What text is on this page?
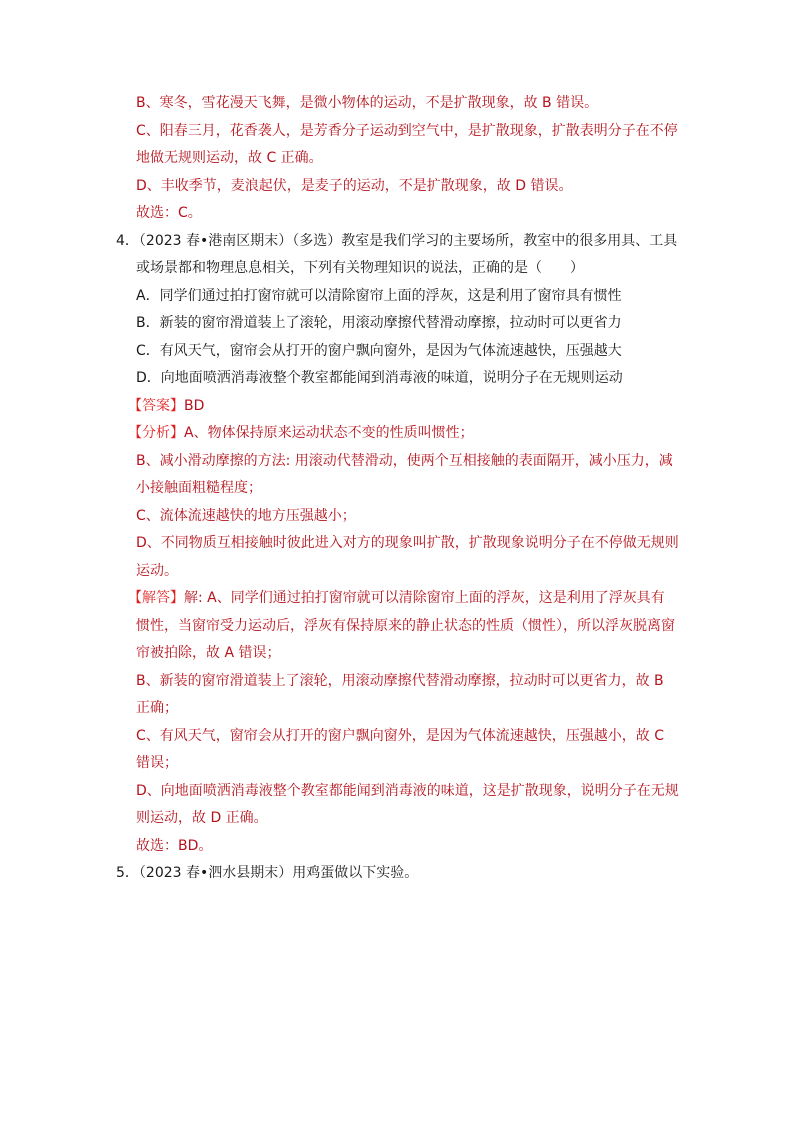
B、寒冬，雪花漫天飞舞，是微小物体的运动，不是扩散现象，故 B 错误。
C、阳春三月，花香袭人，是芳香分子运动到空气中，是扩散现象，扩散表明分子在不停
地做无规则运动，故 C 正确。
D、丰收季节，麦浪起伏，是麦子的运动，不是扩散现象，故 D 错误。
故选：C。
4．（2023 春•港南区期末）（多选）教室是我们学习的主要场所，教室中的很多用具、工具
或场景都和物理息息相关，下列有关物理知识的说法，正确的是（　　）
A．同学们通过拍打窗帘就可以清除窗帘上面的浮灰，这是利用了窗帘具有惯性
B．新装的窗帘滑道装上了滚轮，用滚动摩擦代替滑动摩擦，拉动时可以更省力
C．有风天气，窗帘会从打开的窗户飘向窗外，是因为气体流速越快，压强越大
D．向地面喷洒消毒液整个教室都能闻到消毒液的味道，说明分子在无规则运动
【答案】BD
【分析】A、物体保持原来运动状态不变的性质叫惯性；
B、减小滑动摩擦的方法: 用滚动代替滑动，使两个互相接触的表面隔开，减小压力，减
小接触面粗糙程度；
C、流体流速越快的地方压强越小；
D、不同物质互相接触时彼此进入对方的现象叫扩散，扩散现象说明分子在不停做无规则
运动。
【解答】解: A、同学们通过拍打窗帘就可以清除窗帘上面的浮灰，这是利用了浮灰具有
惯性，当窗帘受力运动后，浮灰有保持原来的静止状态的性质（惯性），所以浮灰脱离窗
帘被拍除，故 A 错误；
B、新装的窗帘滑道装上了滚轮，用滚动摩擦代替滑动摩擦，拉动时可以更省力，故 B
正确；
C、有风天气，窗帘会从打开的窗户飘向窗外，是因为气体流速越快，压强越小，故 C
错误；
D、向地面喷洒消毒液整个教室都能闻到消毒液的味道，这是扩散现象，说明分子在无规
则运动，故 D 正确。
故选：BD。
5．（2023 春•泗水县期末）用鸡蛋做以下实验。
